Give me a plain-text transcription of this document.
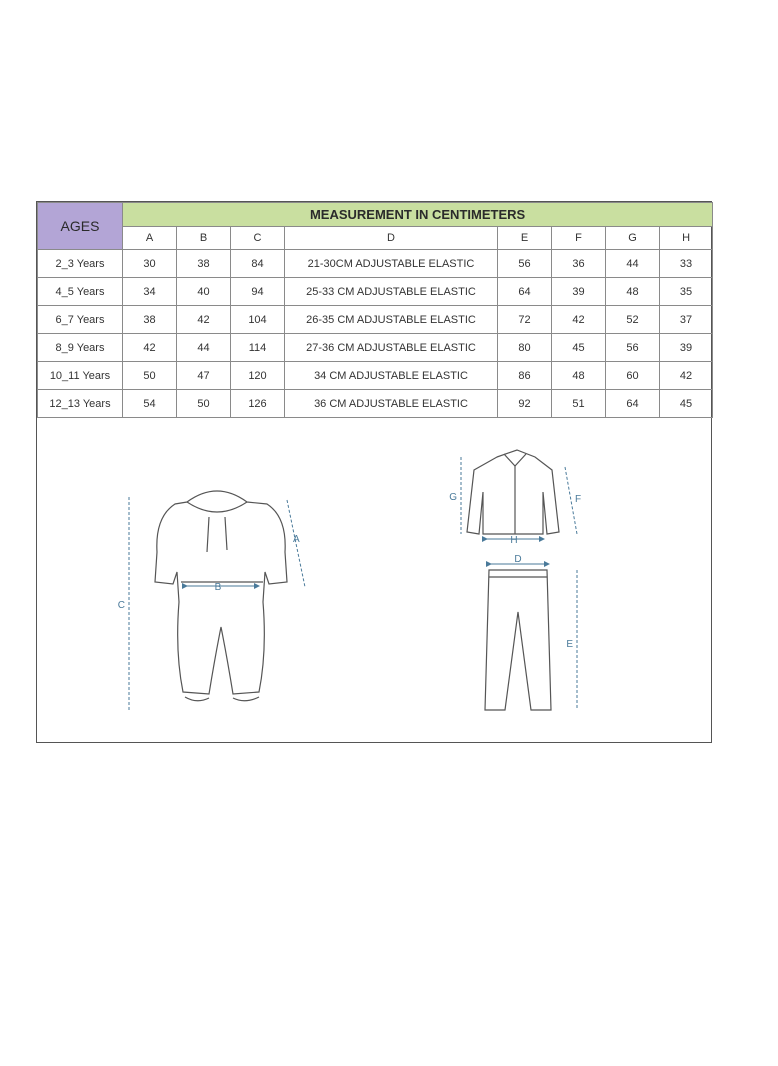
AGES	MEASUREMENT IN CENTIMETERS							
	A	B	C	D	E	F	G	H
2_3 Years	30	38	84	21-30CM ADJUSTABLE ELASTIC	56	36	44	33
4_5 Years	34	40	94	25-33 CM ADJUSTABLE ELASTIC	64	39	48	35
6_7 Years	38	42	104	26-35 CM ADJUSTABLE ELASTIC	72	42	52	37
8_9 Years	42	44	114	27-36 CM ADJUSTABLE ELASTIC	80	45	56	39
10_11 Years	50	47	120	34 CM ADJUSTABLE ELASTIC	86	48	60	42
12_13 Years	54	50	126	36 CM ADJUSTABLE ELASTIC	92	51	64	45
C
A
B
G	F
H
D
E
